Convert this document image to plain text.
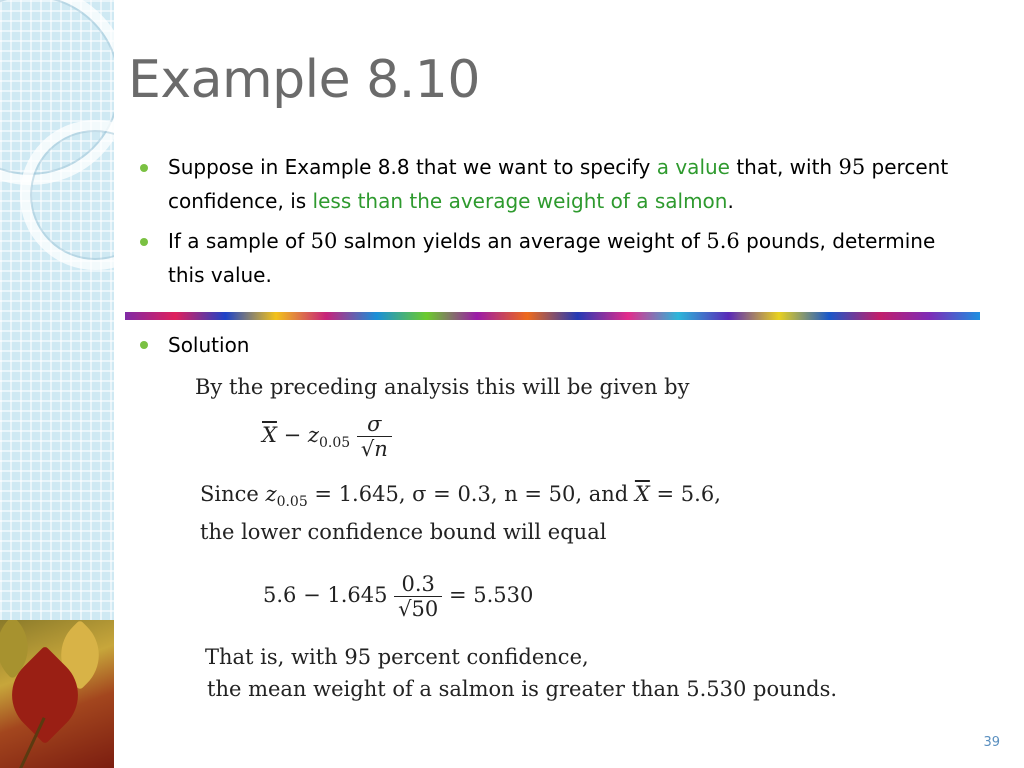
Example 8.10
Suppose in Example 8.8 that we want to specify a value that, with 95 percent confidence, is less than the average weight of a salmon.
If a sample of 50 salmon yields an average weight of 5.6 pounds, determine this value.
Solution
By the preceding analysis this will be given by
$\overline{X} - z_{0.05} \frac{\sigma}{√n}$
Since $z_{0.05} = 1.645$, σ = 0.3, n = 50, and $\overline{X} = 5.6$,
the lower confidence bound will equal
$5.6 - 1.645 \frac{0.3}{√50} = 5.530$
That is, with 95 percent confidence,
the mean weight of a salmon is greater than 5.530 pounds.
39
